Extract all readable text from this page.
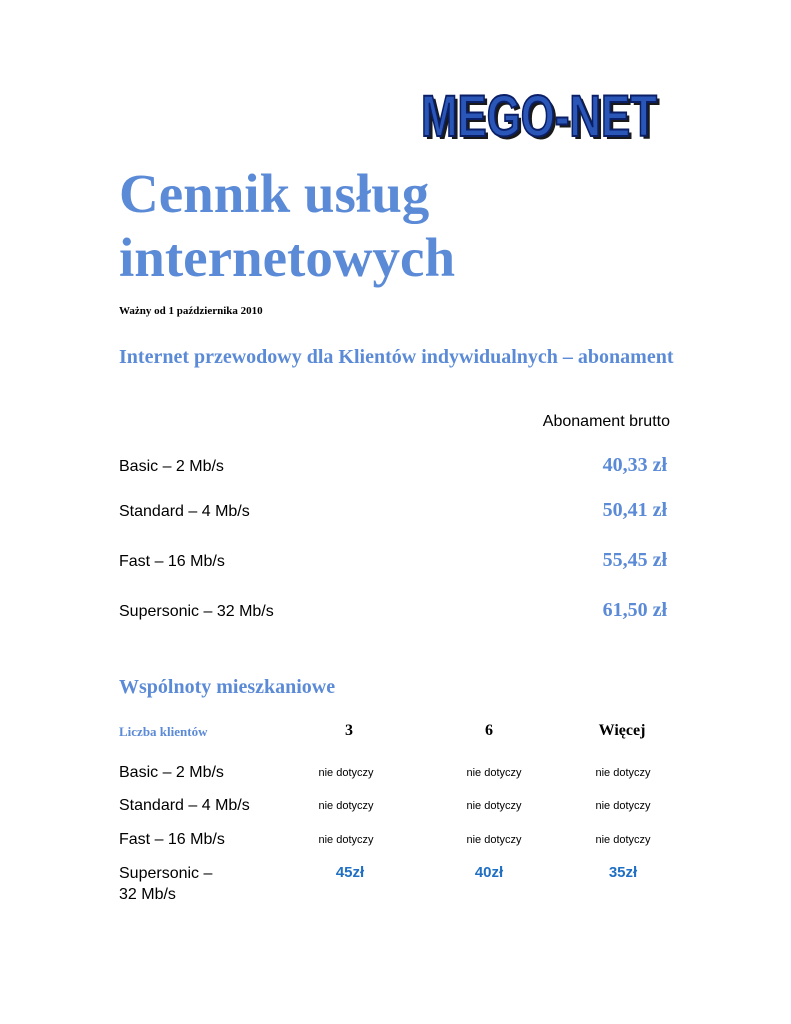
MEGO-NET
MEGO-NET
Cennik usług
internetowych
Ważny od 1 października 2010
Internet przewodowy dla Klientów indywidualnych – abonament
Abonament brutto
Basic – 2 Mb/s	40,33 zł
Standard – 4 Mb/s	50,41 zł
Fast – 16 Mb/s	55,45 zł
Supersonic – 32 Mb/s	61,50 zł
Wspólnoty mieszkaniowe
Liczba klientów	3	6	Więcej
Basic – 2 Mb/s	nie dotyczy	nie dotyczy	nie dotyczy
Standard – 4 Mb/s	nie dotyczy	nie dotyczy	nie dotyczy
Fast – 16 Mb/s	nie dotyczy	nie dotyczy	nie dotyczy
Supersonic –
32 Mb/s
45zł	40zł	35zł
